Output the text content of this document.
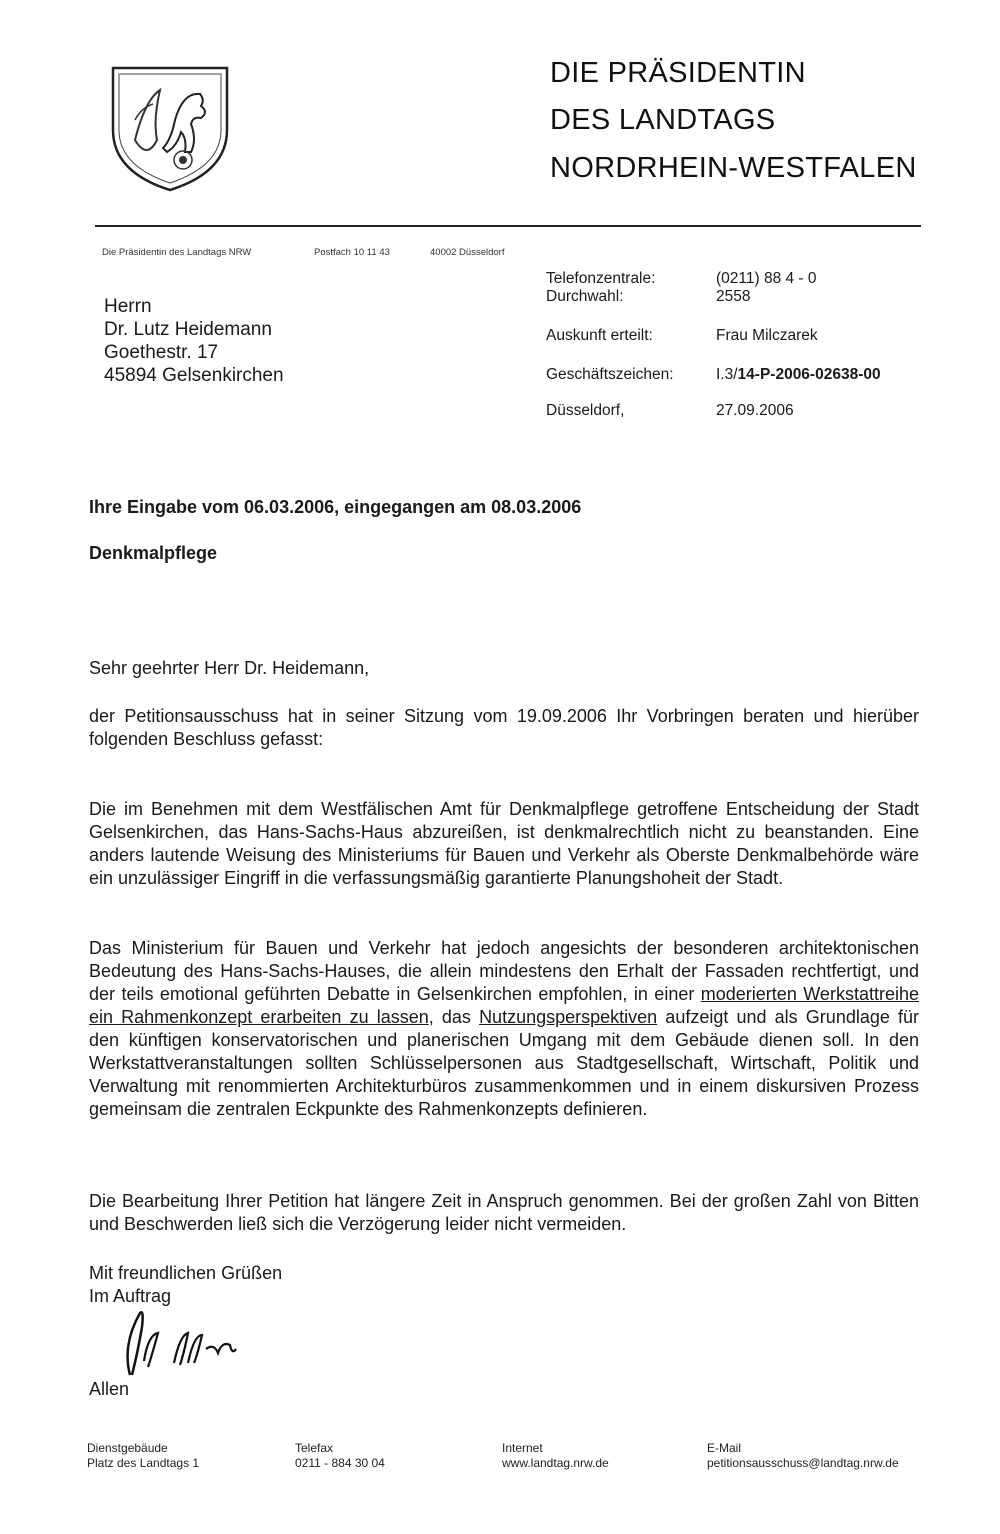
DIE PRÄSIDENTIN
DES LANDTAGS
NORDRHEIN-WESTFALEN
Die Präsidentin des Landtags NRW	Postfach 10 11 43	40002 Düsseldorf
Herrn
Dr. Lutz Heidemann
Goethestr. 17
45894 Gelsenkirchen
Telefonzentrale:	(0211) 88 4 - 0
Durchwahl:	2558
Auskunft erteilt:	Frau Milczarek
Geschäftszeichen:	I.3/14-P-2006-02638-00
Düsseldorf,	27.09.2006
Ihre Eingabe vom 06.03.2006, eingegangen am 08.03.2006
Denkmalpflege
Sehr geehrter Herr Dr. Heidemann,

der Petitionsausschuss hat in seiner Sitzung vom 19.09.2006 Ihr Vorbringen beraten und hierüber folgenden Beschluss gefasst:

Die im Benehmen mit dem Westfälischen Amt für Denkmalpflege getroffene Entscheidung der Stadt Gelsenkirchen, das Hans-Sachs-Haus abzureißen, ist denkmalrechtlich nicht zu beanstanden. Eine anders lautende Weisung des Ministeriums für Bauen und Verkehr als Oberste Denkmalbehörde wäre ein unzulässiger Eingriff in die verfassungsmäßig garantierte Planungshoheit der Stadt.

Das Ministerium für Bauen und Verkehr hat jedoch angesichts der besonderen architektonischen Bedeutung des Hans-Sachs-Hauses, die allein mindestens den Erhalt der Fassaden rechtfertigt, und der teils emotional geführten Debatte in Gelsenkirchen empfohlen, in einer moderierten Werkstattreihe ein Rahmenkonzept erarbeiten zu lassen, das Nutzungsperspektiven aufzeigt und als Grundlage für den künftigen konservatorischen und planerischen Umgang mit dem Gebäude dienen soll. In den Werkstattveranstaltungen sollten Schlüsselpersonen aus Stadtgesellschaft, Wirtschaft, Politik und Verwaltung mit renommierten Architekturbüros zusammenkommen und in einem diskursiven Prozess gemeinsam die zentralen Eckpunkte des Rahmenkonzepts definieren.

Die Bearbeitung Ihrer Petition hat längere Zeit in Anspruch genommen. Bei der großen Zahl von Bitten und Beschwerden ließ sich die Verzögerung leider nicht vermeiden.

Mit freundlichen Grüßen
Im Auftrag
Allen
Dienstgebäude
Platz des Landtags 1
Telefax
0211 - 884 30 04
Internet
www.landtag.nrw.de
E-Mail
petitionsausschuss@landtag.nrw.de
